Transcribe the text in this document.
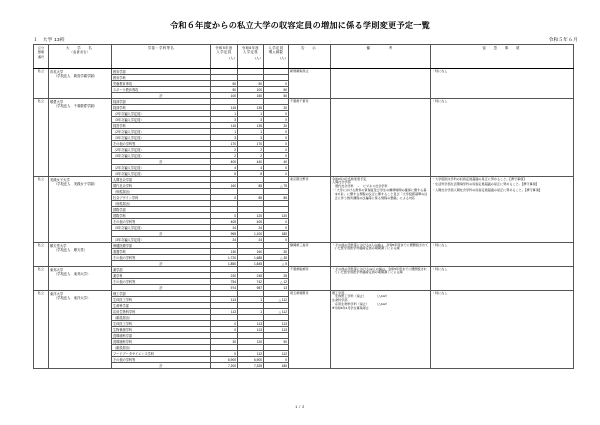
令和６年度からの私立大学の収容定員の増加に係る学則変更予定一覧
１　大学 13校	令和５年６月
区分
整理
番号	大　学　名
（設置者名）	学部・学科等名	令和5年度
入学定員
(人)	令和6年度
入学定員
(人)	入学定員
増△減数
(人)	告　示	備　　　考	留　意　事　項
私立	育英大学
（学校法人　新島学園学園）	教育学部				新規募集停止		・特になし
		教育学科						
		児童教育専攻	50	50	0			
		スポーツ教育専攻	50	100	50			
		計	100	150	50			
私立	敬愛大学
（学校法人　千葉敬愛学園）	経済学部				千葉県千葉市		・特になし
		経済学科	115	135	20			
		（2年次編入学定員）	1	1	0			
		（3年次編入学定員）	3	3	0			
		経営学科	115	135	20			
		（2年次編入学定員）	1	1	0			
		（3年次編入学定員）	3	3	0			
		その他の学科等	170	170	0			
		（2年次編入学定員）	2	2	0			
		（3年次編入学定員）	2	2	0			
		計	400	440	40			
		（2年次編入学定員）	4	4	0			
		（3年次編入学定員）	8	8	0			
私立	実践女子大学
（学校法人　実践女子学園）	人間社会学部				東京都日野市	令和6年4月名称変更予定
人間社会学部
　現代社会学科　→　ビジネス社会学科
・「大学における教育の質保証及び学生の履修時間の確保に関する基本方針」に関する規程の改正に関すること及び「大学設置基準の改正に伴う教育課程の改編等に係る規程の整備」による対応	・大学院国文学科の収容定員超過の是正に努めること。【遵守事項】
・生活科学部生活環境学科の収容定員超過の是正に努めること。【遵守事項】
・人間社会学部人間社会学科の収容定員超過の是正に努めること。【遵守事項】

		現代社会学科	160	85	△ 75			
		（形態届出）						
		社会デザイン学科	0	85	85			
		（形態届出）						
		国際学部						
		国際学科	0	120	120			
		その他の学科等	405	405	0			
		（3年次編入学定員）	24	24	0			
		計	965	1,100	180			
		（3年次編入学定員）	24	24	0			
私立	順天堂大学
（学校法人　順天堂）	保健医療学部				静岡県三島市	・その他の学科等における3人の減は、令和5年度までに既開設されていた医学部医学科臨時定員の期間満了による減	・特になし
		看護学科	130	160	30			
		その他の学科等	1,720	1,685	△ 35			
		計	1,850	1,845	△ 5			
私立	東邦大学
（学校法人　東邦大学）	薬学部				千葉県船橋市	・その他の学科等における12人の減は、令和5年度までに既開設されていた医学部医学科臨時定員の期間満了による減	・特になし
		薬学科	220	245	25			
		その他の学科等	754	742	△ 12			
		計	974	987	13			
私立	東洋大学
（学校法人　東洋大学）	理工学部				埼玉県朝霞市	理工学部
　生体医工学科（廃止）　　　　（△112）
生命科学部
　応用生物科学科（廃止）　　　（△112）
※令和6年4月学生募集停止	・特になし
		生体医工学科	113	1	△ 112			
		生命科学部						
		応用生物科学科	113	1	△ 112			
		（新設届出）						
		生体医工学科	0	113	113			
		生物資源学科	0	113	113			
		食環境科学部						
		食環境科学科	30	120	90			
		（新設届出）						
		フードデータサイエンス学科	0	112	112			
		その他の学科等	6,900	6,900	0			
		計	7,200	7,325	180			
1 / 2
